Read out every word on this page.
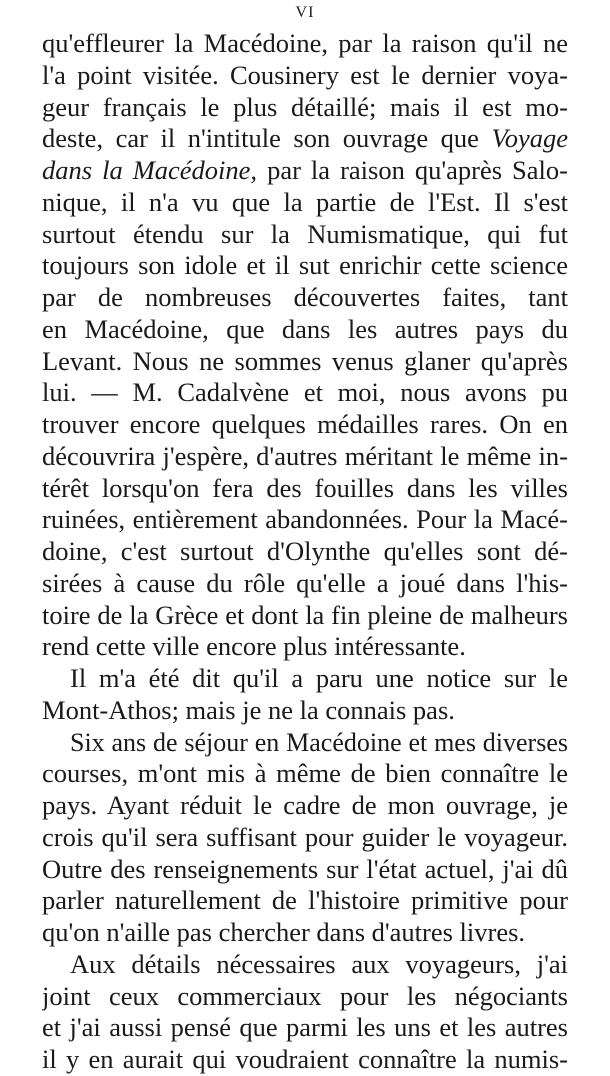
VI
qu'effleurer la Macédoine, par la raison qu'il ne
l'a point visitée. Cousinery est le dernier voya-
geur français le plus détaillé; mais il est mo-
deste, car il n'intitule son ouvrage que Voyage
dans la Macédoine, par la raison qu'après Salo-
nique, il n'a vu que la partie de l'Est. Il s'est
surtout étendu sur la Numismatique, qui fut
toujours son idole et il sut enrichir cette science
par de nombreuses découvertes faites, tant
en Macédoine, que dans les autres pays du
Levant. Nous ne sommes venus glaner qu'après
lui. — M. Cadalvène et moi, nous avons pu
trouver encore quelques médailles rares. On en
découvrira j'espère, d'autres méritant le même in-
térêt lorsqu'on fera des fouilles dans les villes
ruinées, entièrement abandonnées. Pour la Macé-
doine, c'est surtout d'Olynthe qu'elles sont dé-
sirées à cause du rôle qu'elle a joué dans l'his-
toire de la Grèce et dont la fin pleine de malheurs
rend cette ville encore plus intéressante.
Il m'a été dit qu'il a paru une notice sur le
Mont-Athos; mais je ne la connais pas.
Six ans de séjour en Macédoine et mes diverses
courses, m'ont mis à même de bien connaître le
pays. Ayant réduit le cadre de mon ouvrage, je
crois qu'il sera suffisant pour guider le voyageur.
Outre des renseignements sur l'état actuel, j'ai dû
parler naturellement de l'histoire primitive pour
qu'on n'aille pas chercher dans d'autres livres.
Aux détails nécessaires aux voyageurs, j'ai
joint ceux commerciaux pour les négociants
et j'ai aussi pensé que parmi les uns et les autres
il y en aurait qui voudraient connaître la numis-
